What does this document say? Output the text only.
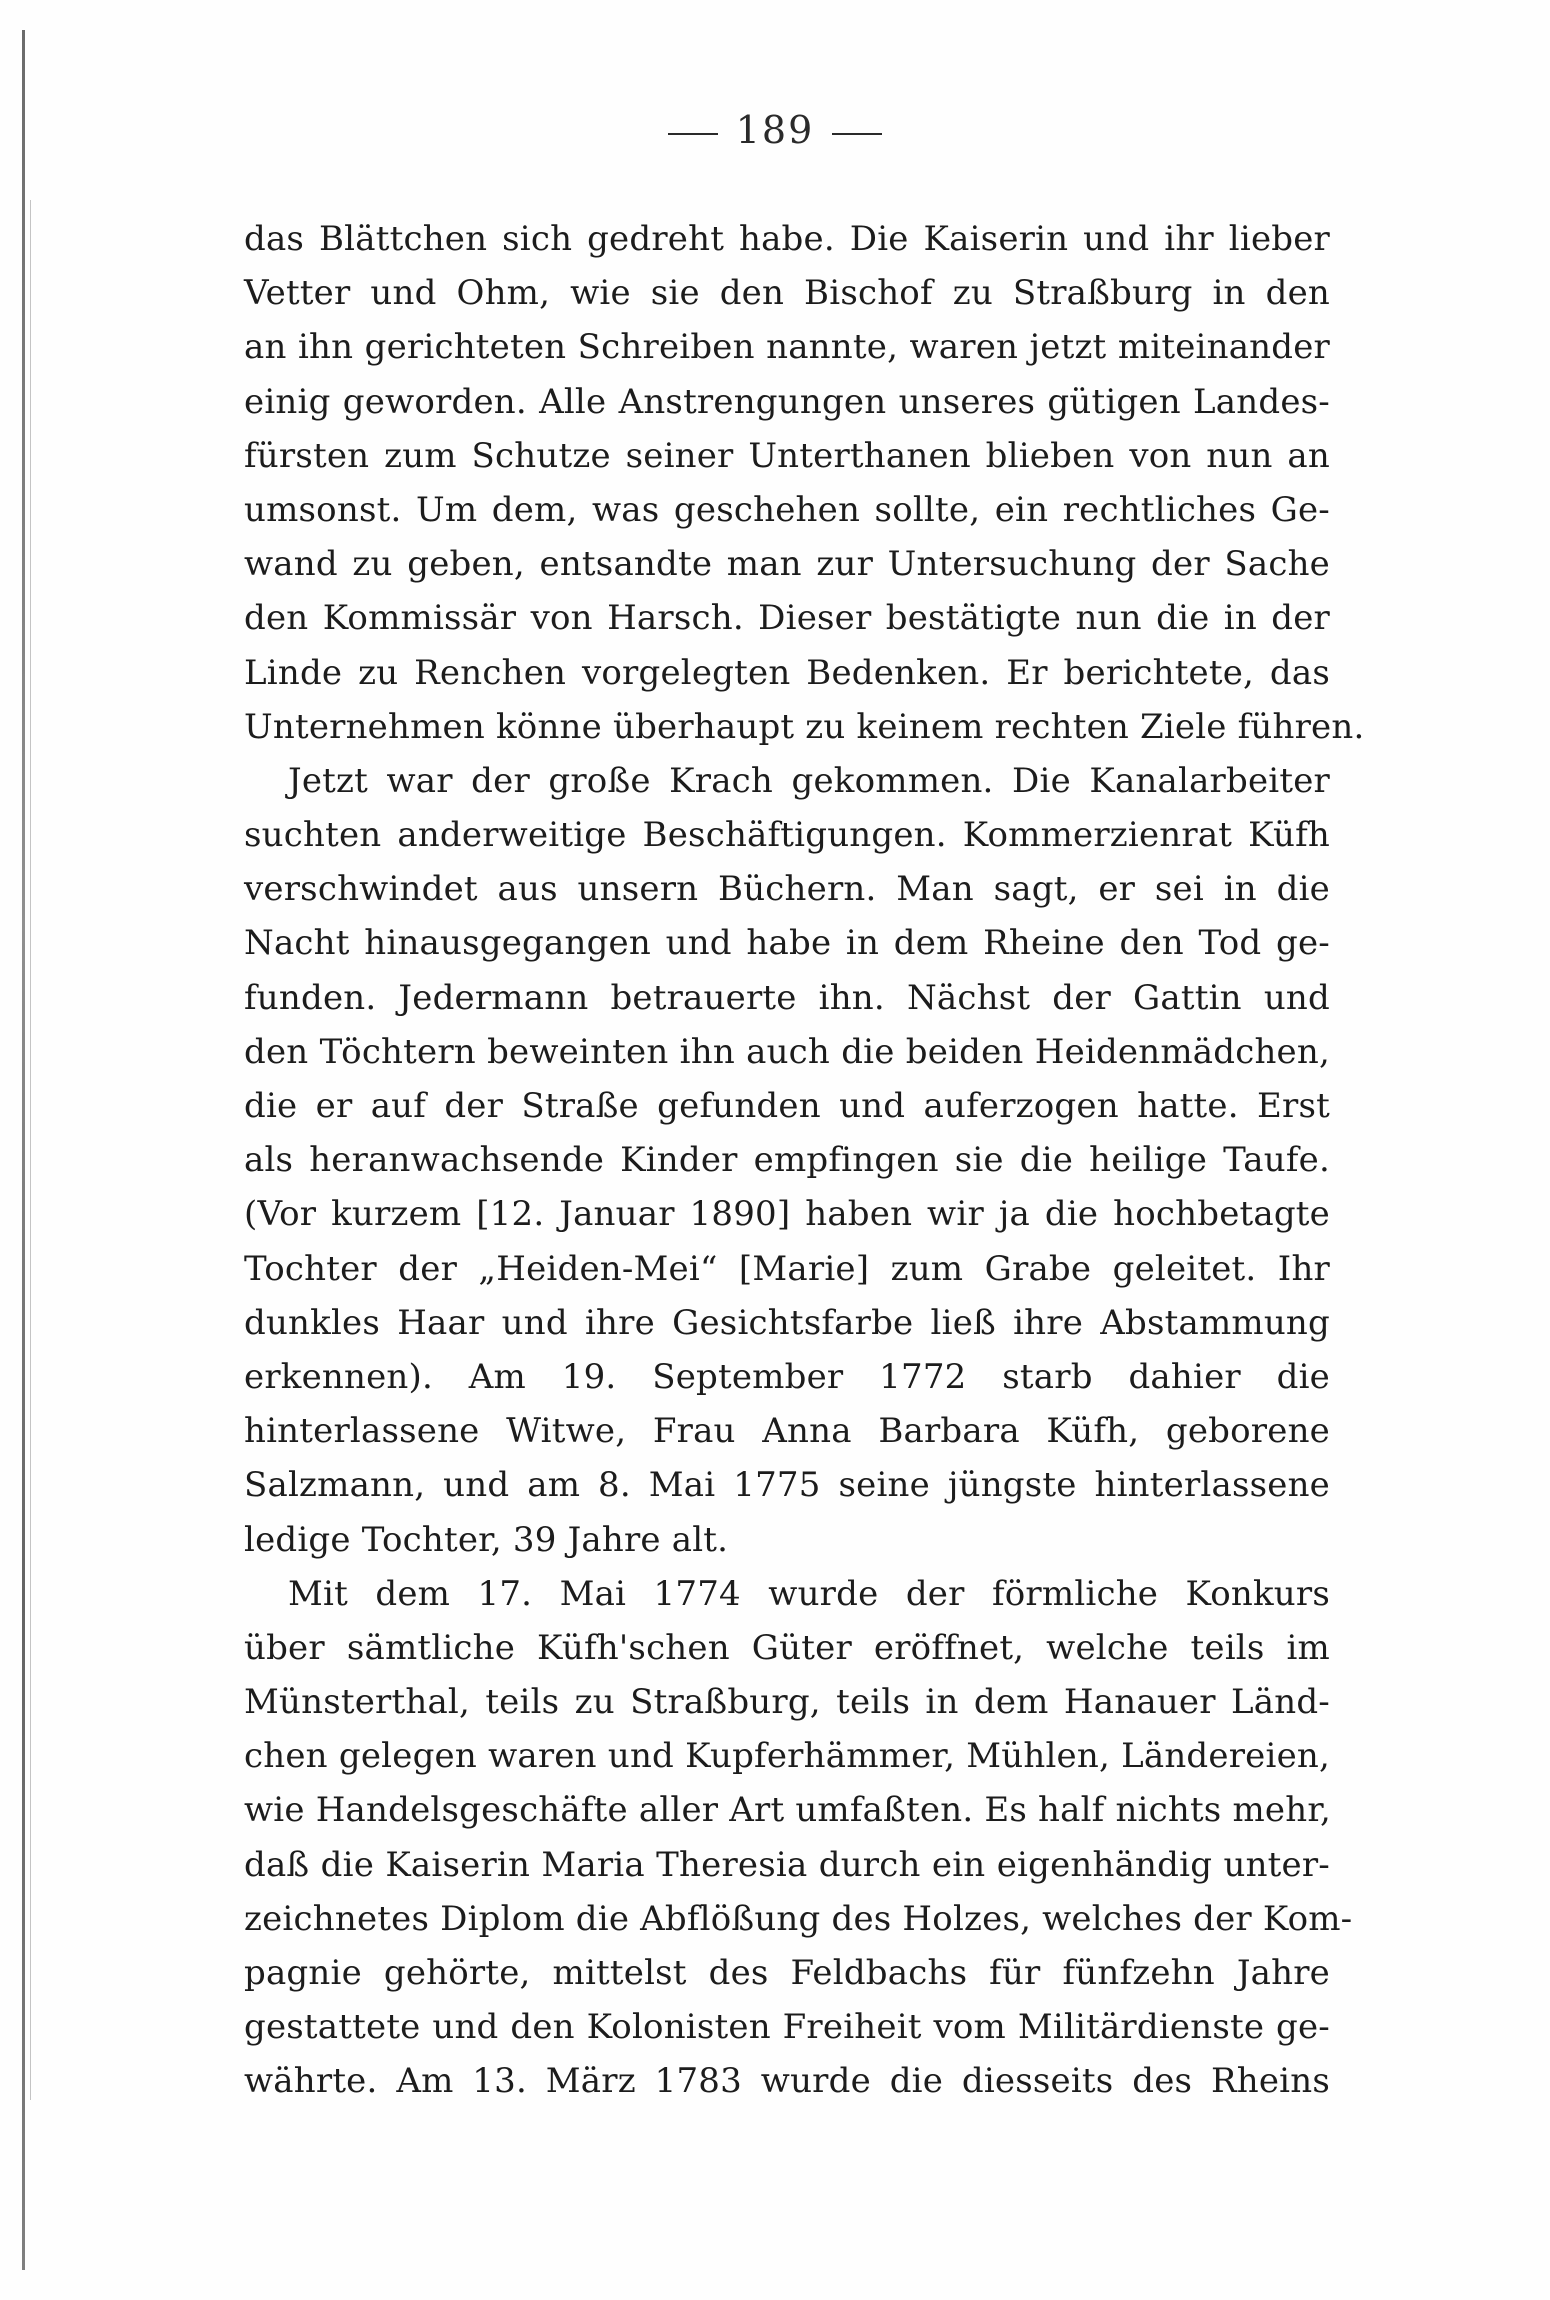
189
das Blättchen sich gedreht habe. Die Kaiserin und ihr lieber
Vetter und Ohm, wie sie den Bischof zu Straßburg in den
an ihn gerichteten Schreiben nannte, waren jetzt miteinander
einig geworden. Alle Anstrengungen unseres gütigen Landes-
fürsten zum Schutze seiner Unterthanen blieben von nun an
umsonst. Um dem, was geschehen sollte, ein rechtliches Ge-
wand zu geben, entsandte man zur Untersuchung der Sache
den Kommissär von Harsch. Dieser bestätigte nun die in der
Linde zu Renchen vorgelegten Bedenken. Er berichtete, das
Unternehmen könne überhaupt zu keinem rechten Ziele führen.
Jetzt war der große Krach gekommen. Die Kanalarbeiter
suchten anderweitige Beschäftigungen. Kommerzienrat Küfh
verschwindet aus unsern Büchern. Man sagt, er sei in die
Nacht hinausgegangen und habe in dem Rheine den Tod ge-
funden. Jedermann betrauerte ihn. Nächst der Gattin und
den Töchtern beweinten ihn auch die beiden Heidenmädchen,
die er auf der Straße gefunden und auferzogen hatte. Erst
als heranwachsende Kinder empfingen sie die heilige Taufe.
(Vor kurzem [12. Januar 1890] haben wir ja die hochbetagte
Tochter der „Heiden-Mei“ [Marie] zum Grabe geleitet. Ihr
dunkles Haar und ihre Gesichtsfarbe ließ ihre Abstammung
erkennen). Am 19. September 1772 starb dahier die
hinterlassene Witwe, Frau Anna Barbara Küfh, geborene
Salzmann, und am 8. Mai 1775 seine jüngste hinterlassene
ledige Tochter, 39 Jahre alt.
Mit dem 17. Mai 1774 wurde der förmliche Konkurs
über sämtliche Küfh'schen Güter eröffnet, welche teils im
Münsterthal, teils zu Straßburg, teils in dem Hanauer Länd-
chen gelegen waren und Kupferhämmer, Mühlen, Ländereien,
wie Handelsgeschäfte aller Art umfaßten. Es half nichts mehr,
daß die Kaiserin Maria Theresia durch ein eigenhändig unter-
zeichnetes Diplom die Abflößung des Holzes, welches der Kom-
pagnie gehörte, mittelst des Feldbachs für fünfzehn Jahre
gestattete und den Kolonisten Freiheit vom Militärdienste ge-
währte. Am 13. März 1783 wurde die diesseits des Rheins
